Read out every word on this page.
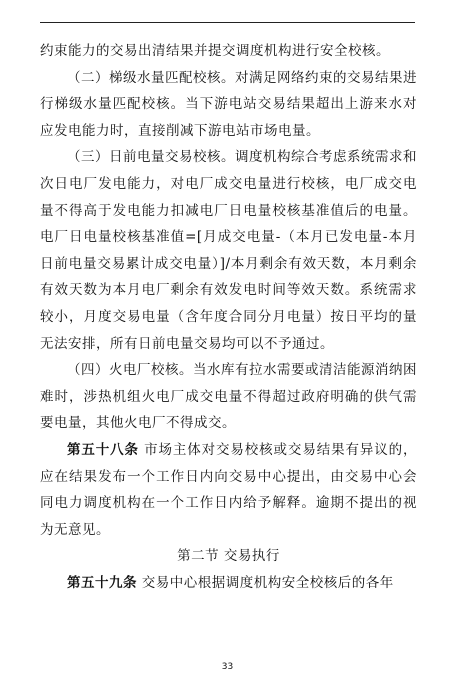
约束能力的交易出清结果并提交调度机构进行安全校核。

（二）梯级水量匹配校核。对满足网络约束的交易结果进行梯级水量匹配校核。当下游电站交易结果超出上游来水对应发电能力时，直接削减下游电站市场电量。

（三）日前电量交易校核。调度机构综合考虑系统需求和次日电厂发电能力，对电厂成交电量进行校核，电厂成交电量不得高于发电能力扣减电厂日电量校核基准值后的电量。电厂日电量校核基准值=[月成交电量-（本月已发电量-本月日前电量交易累计成交电量）]/本月剩余有效天数，本月剩余有效天数为本月电厂剩余有效发电时间等效天数。系统需求较小，月度交易电量（含年度合同分月电量）按日平均的量无法安排，所有日前电量交易均可以不予通过。

（四）火电厂校核。当水库有拉水需要或清洁能源消纳困难时，涉热机组火电厂成交电量不得超过政府明确的供气需要电量，其他火电厂不得成交。

第五十八条 市场主体对交易校核或交易结果有异议的，应在结果发布一个工作日内向交易中心提出，由交易中心会同电力调度机构在一个工作日内给予解释。逾期不提出的视为无意见。

第二节 交易执行

第五十九条 交易中心根据调度机构安全校核后的各年

33
